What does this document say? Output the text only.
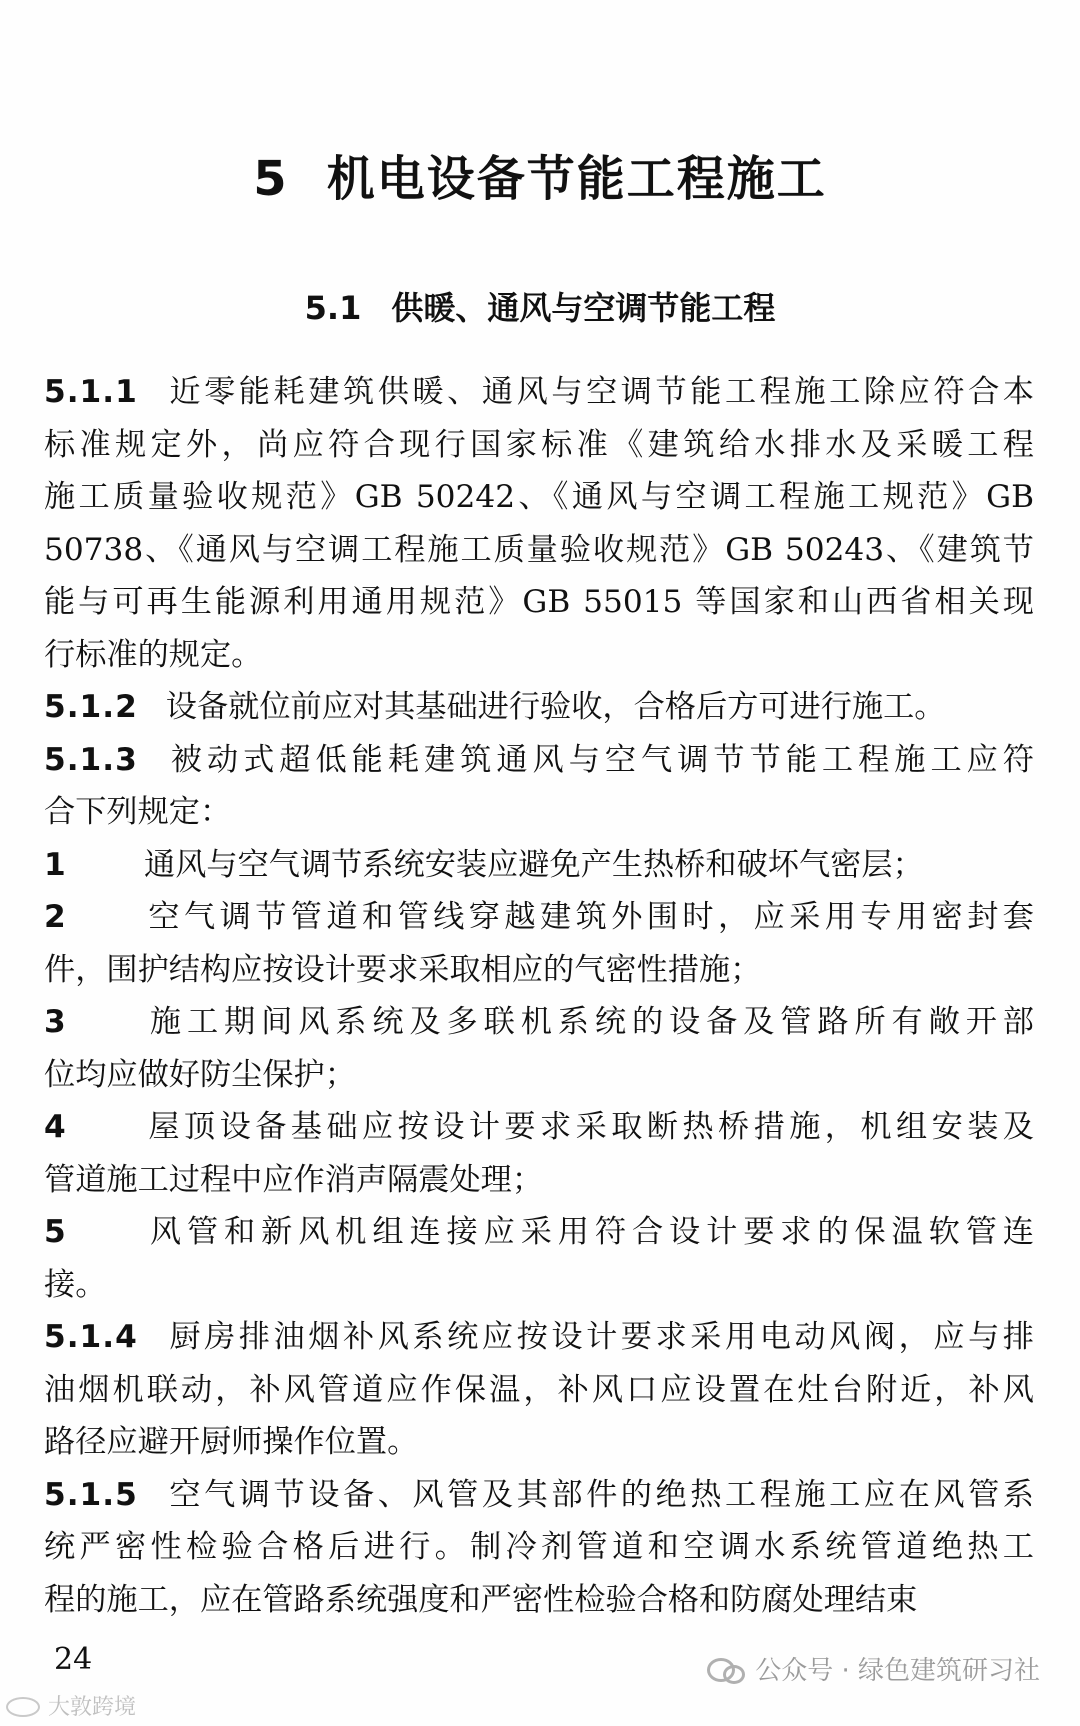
5 机电设备节能工程施工
5.1 供暖、通风与空调节能工程
5.1.1 近零能耗建筑供暖、通风与空调节能工程施工除应符合本
标准规定外，尚应符合现行国家标准《建筑给水排水及采暖工程
施工质量验收规范》GB 50242、《通风与空调工程施工规范》GB
50738、《通风与空调工程施工质量验收规范》GB 50243、《建筑节
能与可再生能源利用通用规范》GB 55015 等国家和山西省相关现
行标准的规定。
5.1.2 设备就位前应对其基础进行验收，合格后方可进行施工。
5.1.3 被动式超低能耗建筑通风与空气调节节能工程施工应符
合下列规定：
1	通风与空气调节系统安装应避免产生热桥和破坏气密层；
2	空气调节管道和管线穿越建筑外围时，应采用专用密封套
件，围护结构应按设计要求采取相应的气密性措施；
3	施工期间风系统及多联机系统的设备及管路所有敞开部
位均应做好防尘保护；
4	屋顶设备基础应按设计要求采取断热桥措施，机组安装及
管道施工过程中应作消声隔震处理；
5	风管和新风机组连接应采用符合设计要求的保温软管连
接。
5.1.4 厨房排油烟补风系统应按设计要求采用电动风阀，应与排
油烟机联动，补风管道应作保温，补风口应设置在灶台附近，补风
路径应避开厨师操作位置。
5.1.5 空气调节设备、风管及其部件的绝热工程施工应在风管系
统严密性检验合格后进行。制冷剂管道和空调水系统管道绝热工
程的施工，应在管路系统强度和严密性检验合格和防腐处理结束
24	公众号 · 绿色建筑研习社
大敦跨境
